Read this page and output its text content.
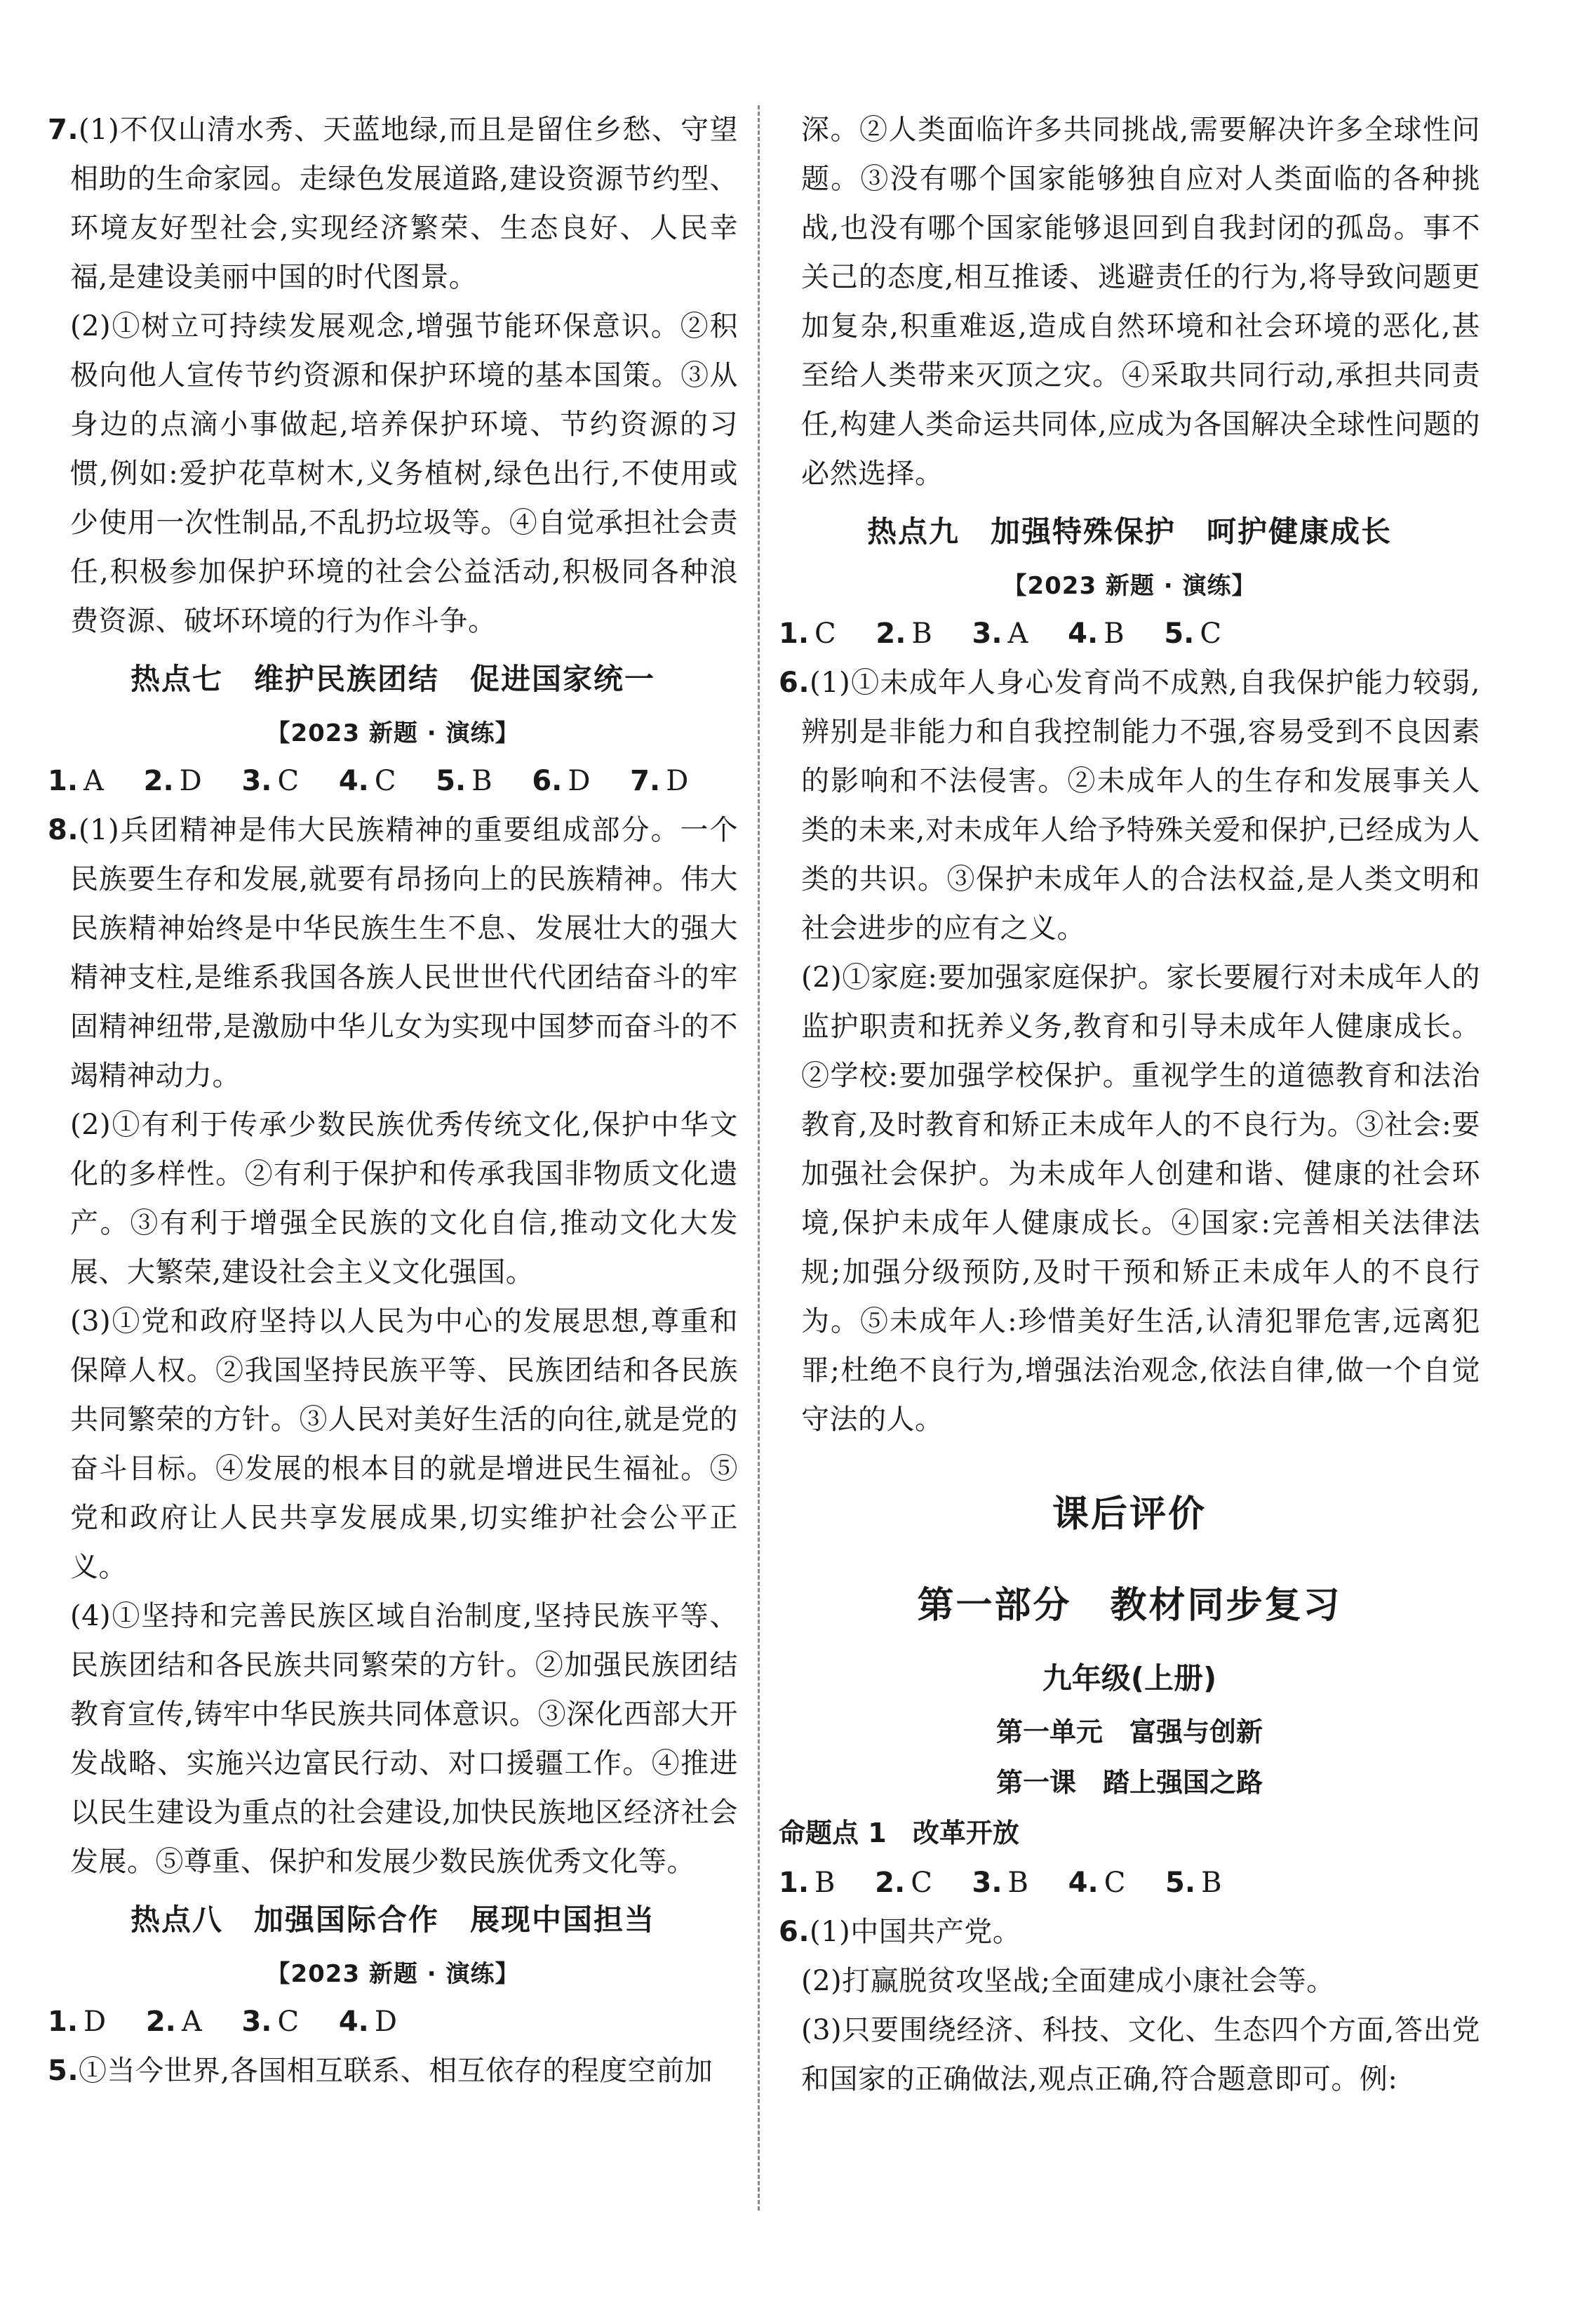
7.(1)不仅山清水秀、天蓝地绿,而且是留住乡愁、守望相助的生命家园。走绿色发展道路,建设资源节约型、环境友好型社会,实现经济繁荣、生态良好、人民幸福,是建设美丽中国的时代图景。

(2)①树立可持续发展观念,增强节能环保意识。②积极向他人宣传节约资源和保护环境的基本国策。③从身边的点滴小事做起,培养保护环境、节约资源的习惯,例如:爱护花草树木,义务植树,绿色出行,不使用或少使用一次性制品,不乱扔垃圾等。④自觉承担社会责任,积极参加保护环境的社会公益活动,积极同各种浪费资源、破坏环境的行为作斗争。

热点七　维护民族团结　促进国家统一
【2023 新题 · 演练】
1. A 2. D 3. C 4. C 5. B 6. D 7. D

8.(1)兵团精神是伟大民族精神的重要组成部分。一个民族要生存和发展,就要有昂扬向上的民族精神。伟大民族精神始终是中华民族生生不息、发展壮大的强大精神支柱,是维系我国各族人民世世代代团结奋斗的牢固精神纽带,是激励中华儿女为实现中国梦而奋斗的不竭精神动力。

(2)①有利于传承少数民族优秀传统文化,保护中华文化的多样性。②有利于保护和传承我国非物质文化遗产。③有利于增强全民族的文化自信,推动文化大发展、大繁荣,建设社会主义文化强国。

(3)①党和政府坚持以人民为中心的发展思想,尊重和保障人权。②我国坚持民族平等、民族团结和各民族共同繁荣的方针。③人民对美好生活的向往,就是党的奋斗目标。④发展的根本目的就是增进民生福祉。⑤党和政府让人民共享发展成果,切实维护社会公平正义。

(4)①坚持和完善民族区域自治制度,坚持民族平等、民族团结和各民族共同繁荣的方针。②加强民族团结教育宣传,铸牢中华民族共同体意识。③深化西部大开发战略、实施兴边富民行动、对口援疆工作。④推进以民生建设为重点的社会建设,加快民族地区经济社会发展。⑤尊重、保护和发展少数民族优秀文化等。

热点八　加强国际合作　展现中国担当
【2023 新题 · 演练】
1. D 2. A 3. C 4. D

5.①当今世界,各国相互联系、相互依存的程度空前加

深。②人类面临许多共同挑战,需要解决许多全球性问题。③没有哪个国家能够独自应对人类面临的各种挑战,也没有哪个国家能够退回到自我封闭的孤岛。事不关己的态度,相互推诿、逃避责任的行为,将导致问题更加复杂,积重难返,造成自然环境和社会环境的恶化,甚至给人类带来灭顶之灾。④采取共同行动,承担共同责任,构建人类命运共同体,应成为各国解决全球性问题的必然选择。

热点九　加强特殊保护　呵护健康成长
【2023 新题 · 演练】
1. C 2. B 3. A 4. B 5. C

6.(1)①未成年人身心发育尚不成熟,自我保护能力较弱,辨别是非能力和自我控制能力不强,容易受到不良因素的影响和不法侵害。②未成年人的生存和发展事关人类的未来,对未成年人给予特殊关爱和保护,已经成为人类的共识。③保护未成年人的合法权益,是人类文明和社会进步的应有之义。

(2)①家庭:要加强家庭保护。家长要履行对未成年人的监护职责和抚养义务,教育和引导未成年人健康成长。②学校:要加强学校保护。重视学生的道德教育和法治教育,及时教育和矫正未成年人的不良行为。③社会:要加强社会保护。为未成年人创建和谐、健康的社会环境,保护未成年人健康成长。④国家:完善相关法律法规;加强分级预防,及时干预和矫正未成年人的不良行为。⑤未成年人:珍惜美好生活,认清犯罪危害,远离犯罪;杜绝不良行为,增强法治观念,依法自律,做一个自觉守法的人。

课后评价
第一部分　教材同步复习
九年级(上册)
第一单元　富强与创新
第一课　踏上强国之路
命题点 1 改革开放
1. B 2. C 3. B 4. C 5. B

6.(1)中国共产党。

(2)打赢脱贫攻坚战;全面建成小康社会等。

(3)只要围绕经济、科技、文化、生态四个方面,答出党和国家的正确做法,观点正确,符合题意即可。例:
